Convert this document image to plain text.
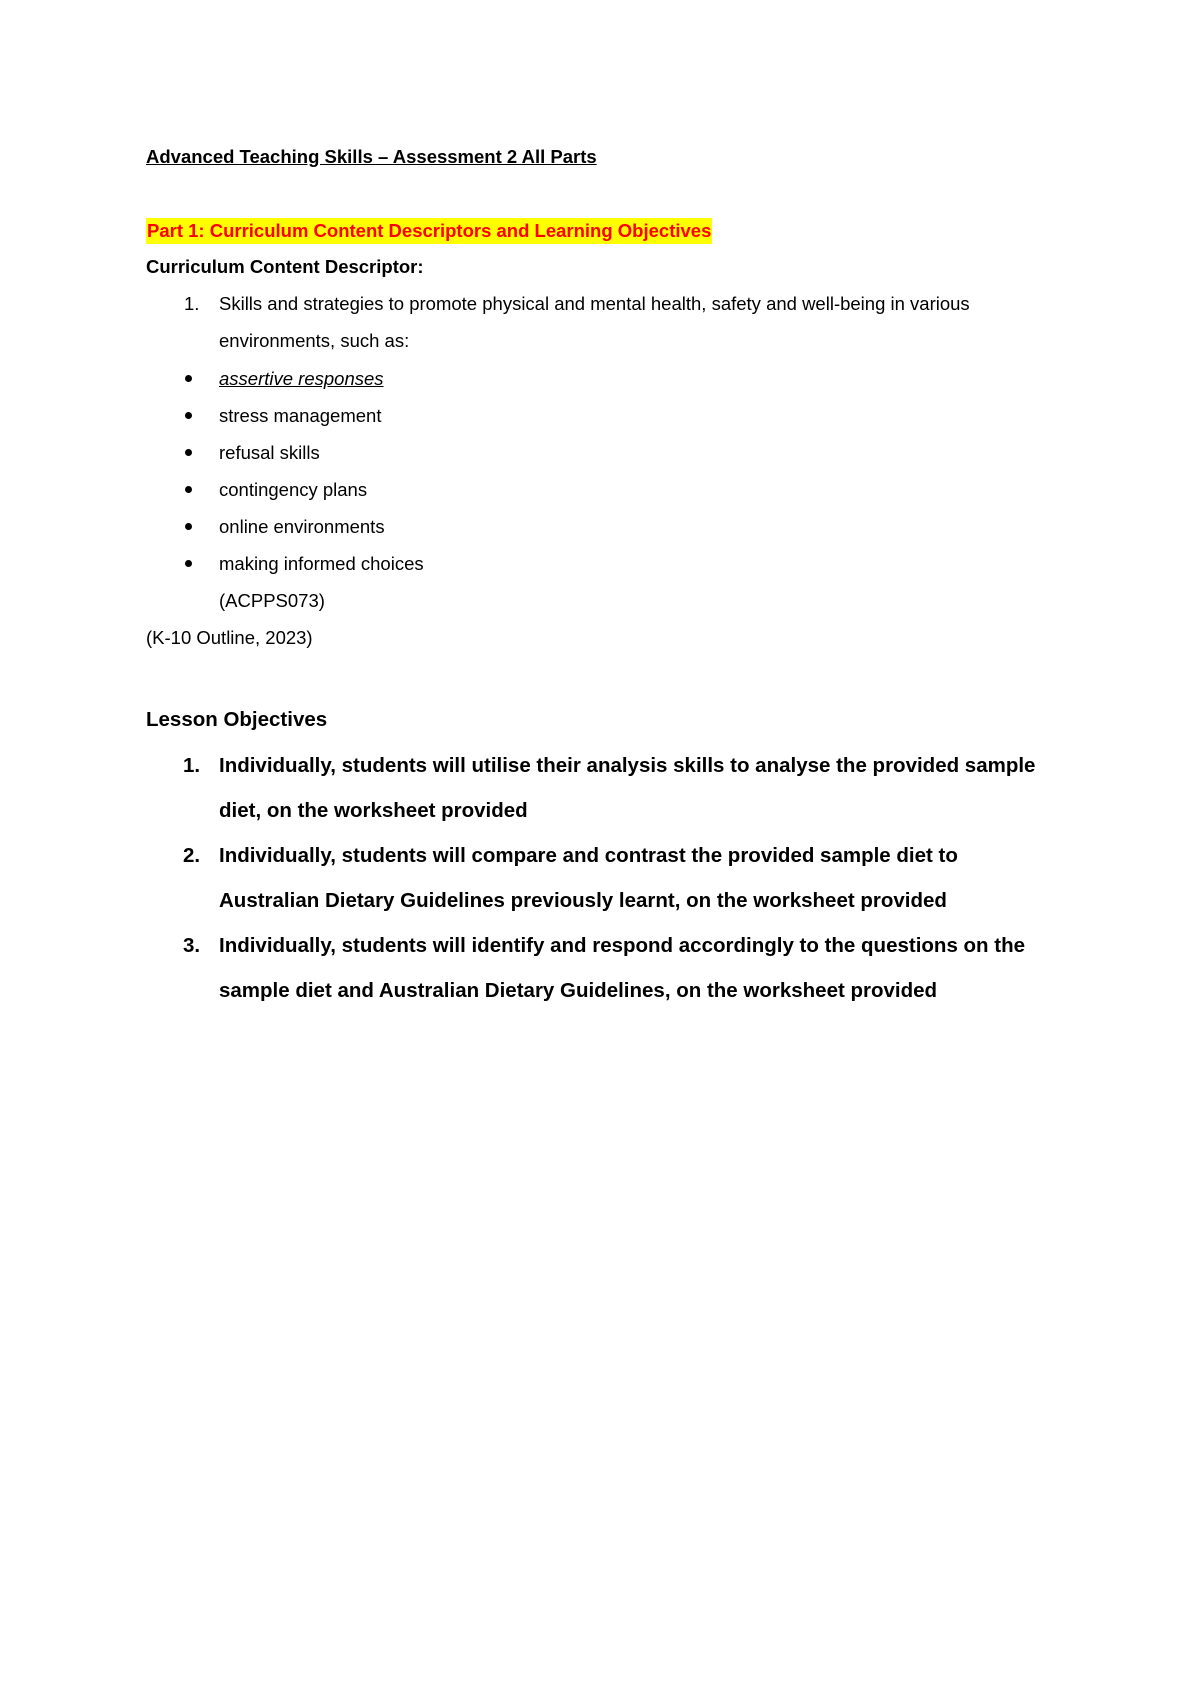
Advanced Teaching Skills – Assessment 2 All Parts
Part 1: Curriculum Content Descriptors and Learning Objectives
Curriculum Content Descriptor:
1. Skills and strategies to promote physical and mental health, safety and well-being in various
environments, such as:
assertive responses
stress management
refusal skills
contingency plans
online environments
making informed choices
(ACPPS073)
(K-10 Outline, 2023)
Lesson Objectives
1. Individually, students will utilise their analysis skills to analyse the provided sample
diet, on the worksheet provided
2. Individually, students will compare and contrast the provided sample diet to
Australian Dietary Guidelines previously learnt, on the worksheet provided
3. Individually, students will identify and respond accordingly to the questions on the
sample diet and Australian Dietary Guidelines, on the worksheet provided
